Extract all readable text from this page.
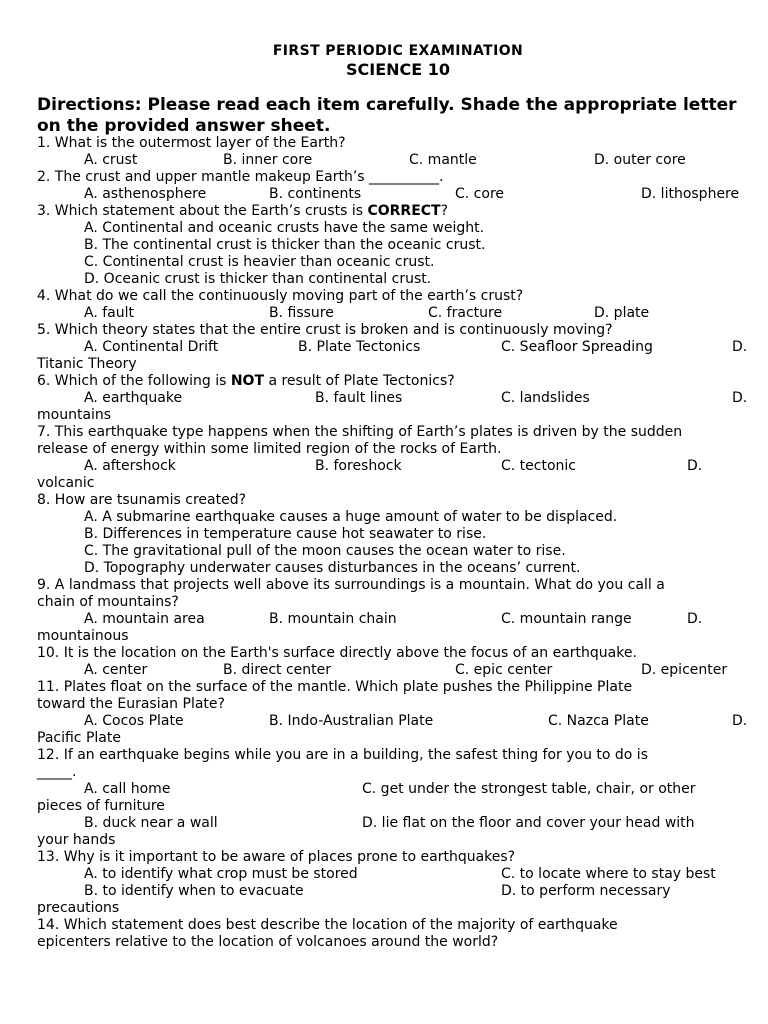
FIRST PERIODIC EXAMINATION
SCIENCE 10
Directions: Please read each item carefully. Shade the appropriate letter on the provided answer sheet.
1. What is the outermost layer of the Earth?
A. crust	B. inner core	C. mantle	D. outer core
2. The crust and upper mantle makeup Earth’s __________.
A. asthenosphere	B. continents	C. core	D. lithosphere
3. Which statement about the Earth’s crusts is CORRECT?
A. Continental and oceanic crusts have the same weight.
B. The continental crust is thicker than the oceanic crust.
C. Continental crust is heavier than oceanic crust.
D. Oceanic crust is thicker than continental crust.
4. What do we call the continuously moving part of the earth’s crust?
A. fault	B. fissure	C. fracture	D. plate
5. Which theory states that the entire crust is broken and is continuously moving?
A. Continental Drift	B. Plate Tectonics	C. Seafloor Spreading	D.
Titanic Theory
6. Which of the following is NOT a result of Plate Tectonics?
A. earthquake	B. fault lines	C. landslides	D.
mountains
7. This earthquake type happens when the shifting of Earth’s plates is driven by the sudden
release of energy within some limited region of the rocks of Earth.
A. aftershock	B. foreshock	C. tectonic	D.
volcanic
8. How are tsunamis created?
A. A submarine earthquake causes a huge amount of water to be displaced.
B. Differences in temperature cause hot seawater to rise.
C. The gravitational pull of the moon causes the ocean water to rise.
D. Topography underwater causes disturbances in the oceans’ current.
9. A landmass that projects well above its surroundings is a mountain. What do you call a
chain of mountains?
A. mountain area	B. mountain chain	C. mountain range	D.
mountainous
10. It is the location on the Earth's surface directly above the focus of an earthquake.
A. center	B. direct center	C. epic center	D. epicenter
11. Plates float on the surface of the mantle. Which plate pushes the Philippine Plate
toward the Eurasian Plate?
A. Cocos Plate	B. Indo-Australian Plate	C. Nazca Plate	D.
Pacific Plate
12. If an earthquake begins while you are in a building, the safest thing for you to do is
_____.
A. call home	C. get under the strongest table, chair, or other
pieces of furniture
B. duck near a wall	D. lie flat on the floor and cover your head with
your hands
13. Why is it important to be aware of places prone to earthquakes?
A. to identify what crop must be stored	C. to locate where to stay best
B. to identify when to evacuate	D. to perform necessary
precautions
14. Which statement does best describe the location of the majority of earthquake
epicenters relative to the location of volcanoes around the world?
